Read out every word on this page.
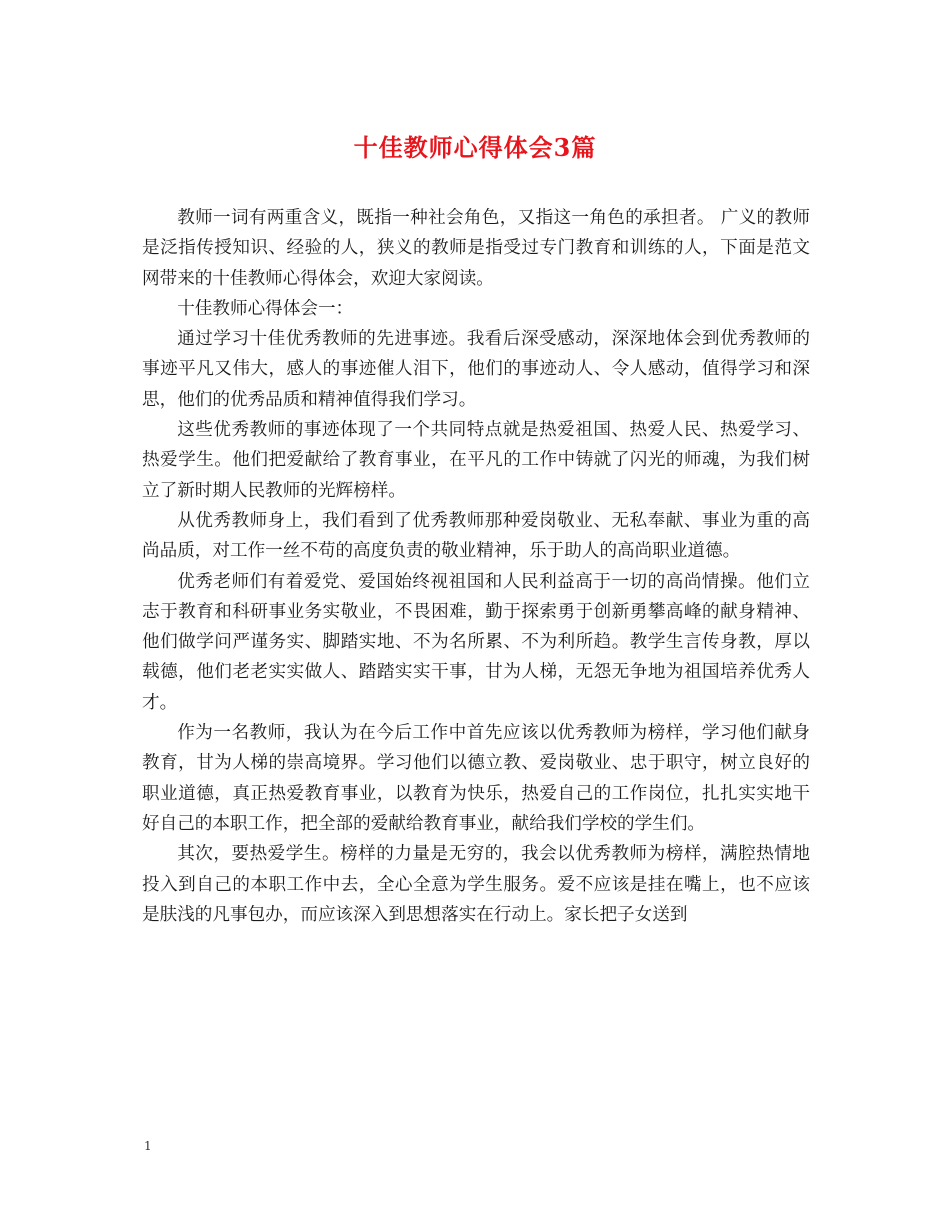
十佳教师心得体会3篇

教师一词有两重含义，既指一种社会角色，又指这一角色的承担者。 广义的教师是泛指传授知识、经验的人，狭义的教师是指受过专门教育和训练的人，下面是范文网带来的十佳教师心得体会，欢迎大家阅读。

十佳教师心得体会一：

通过学习十佳优秀教师的先进事迹。我看后深受感动，深深地体会到优秀教师的事迹平凡又伟大，感人的事迹催人泪下，他们的事迹动人、令人感动，值得学习和深思，他们的优秀品质和精神值得我们学习。

这些优秀教师的事迹体现了一个共同特点就是热爱祖国、热爱人民、热爱学习、热爱学生。他们把爱献给了教育事业，在平凡的工作中铸就了闪光的师魂，为我们树立了新时期人民教师的光辉榜样。

从优秀教师身上，我们看到了优秀教师那种爱岗敬业、无私奉献、事业为重的高尚品质，对工作一丝不苟的高度负责的敬业精神，乐于助人的高尚职业道德。

优秀老师们有着爱党、爱国始终视祖国和人民利益高于一切的高尚情操。他们立志于教育和科研事业务实敬业，不畏困难，勤于探索勇于创新勇攀高峰的献身精神、他们做学问严谨务实、脚踏实地、不为名所累、不为利所趋。教学生言传身教，厚以载德，他们老老实实做人、踏踏实实干事，甘为人梯，无怨无争地为祖国培养优秀人才。

作为一名教师，我认为在今后工作中首先应该以优秀教师为榜样，学习他们献身教育，甘为人梯的崇高境界。学习他们以德立教、爱岗敬业、忠于职守，树立良好的职业道德，真正热爱教育事业，以教育为快乐，热爱自己的工作岗位，扎扎实实地干好自己的本职工作，把全部的爱献给教育事业，献给我们学校的学生们。

其次，要热爱学生。榜样的力量是无穷的，我会以优秀教师为榜样，满腔热情地投入到自己的本职工作中去，全心全意为学生服务。爱不应该是挂在嘴上，也不应该是肤浅的凡事包办，而应该深入到思想落实在行动上。家长把子女送到

1
